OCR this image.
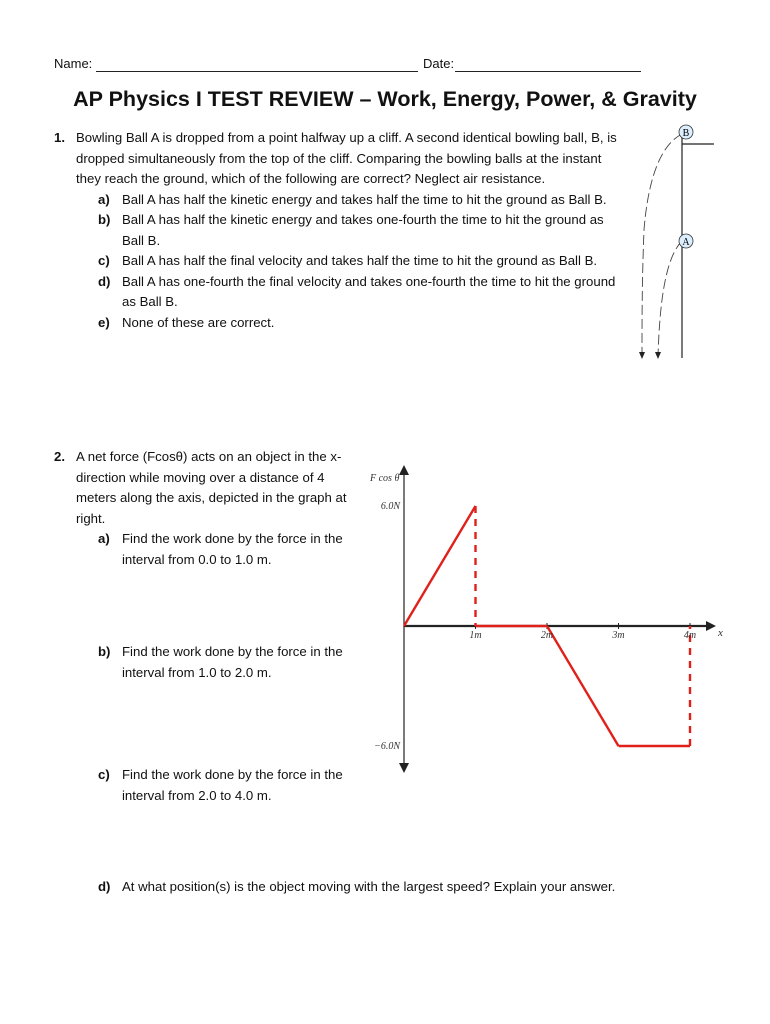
Name:	Date:
AP Physics I TEST REVIEW – Work, Energy, Power, & Gravity
1. Bowling Ball A is dropped from a point halfway up a cliff. A second identical bowling ball, B, is dropped simultaneously from the top of the cliff. Comparing the bowling balls at the instant they reach the ground, which of the following are correct? Neglect air resistance.
a) Ball A has half the kinetic energy and takes half the time to hit the ground as Ball B.
b) Ball A has half the kinetic energy and takes one-fourth the time to hit the ground as Ball B.
c) Ball A has half the final velocity and takes half the time to hit the ground as Ball B.
d) Ball A has one-fourth the final velocity and takes one-fourth the time to hit the ground as Ball B.
e) None of these are correct.
B
A
2. A net force (Fcosθ) acts on an object in the x-direction while moving over a distance of 4 meters along the axis, depicted in the graph at right.
a) Find the work done by the force in the interval from 0.0 to 1.0 m.
b) Find the work done by the force in the interval from 1.0 to 2.0 m.
c) Find the work done by the force in the interval from 2.0 to 4.0 m.
d) At what position(s) is the object moving with the largest speed? Explain your answer.
1m	2m	3m	4m x
F cos θ
6.0N
−6.0N
